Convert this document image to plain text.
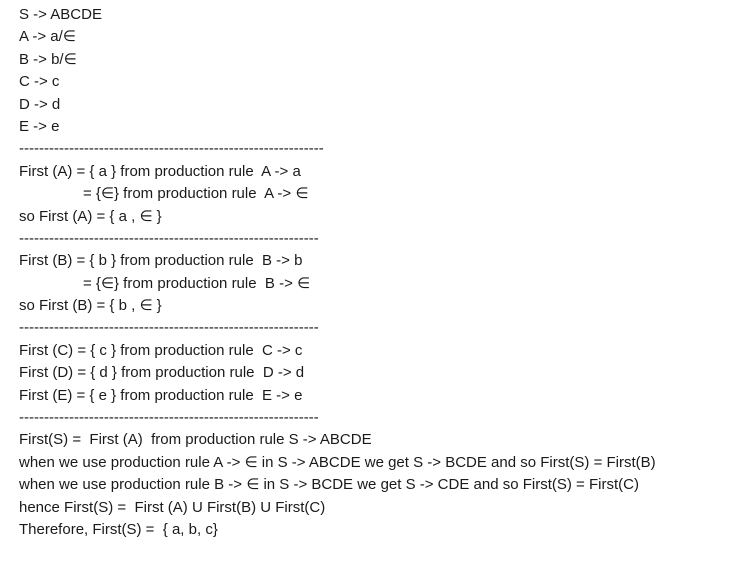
S -> ABCDE
A -> a/∈
B -> b/∈
C -> c
D -> d
E -> e
-------------------------------------------------------------
First (A) = { a } from production rule  A -> a
= {∈} from production rule  A -> ∈
so First (A) = { a , ∈ }
------------------------------------------------------------
First (B) = { b } from production rule  B -> b
= {∈} from production rule  B -> ∈
so First (B) = { b , ∈ }
------------------------------------------------------------
First (C) = { c } from production rule  C -> c
First (D) = { d } from production rule  D -> d
First (E) = { e } from production rule  E -> e
------------------------------------------------------------
First(S) =  First (A)  from production rule S -> ABCDE
when we use production rule A -> ∈ in S -> ABCDE we get S -> BCDE and so First(S) = First(B)
when we use production rule B -> ∈ in S -> BCDE we get S -> CDE and so First(S) = First(C)
hence First(S) =  First (A) U First(B) U First(C)
Therefore, First(S) =  { a, b, c}
